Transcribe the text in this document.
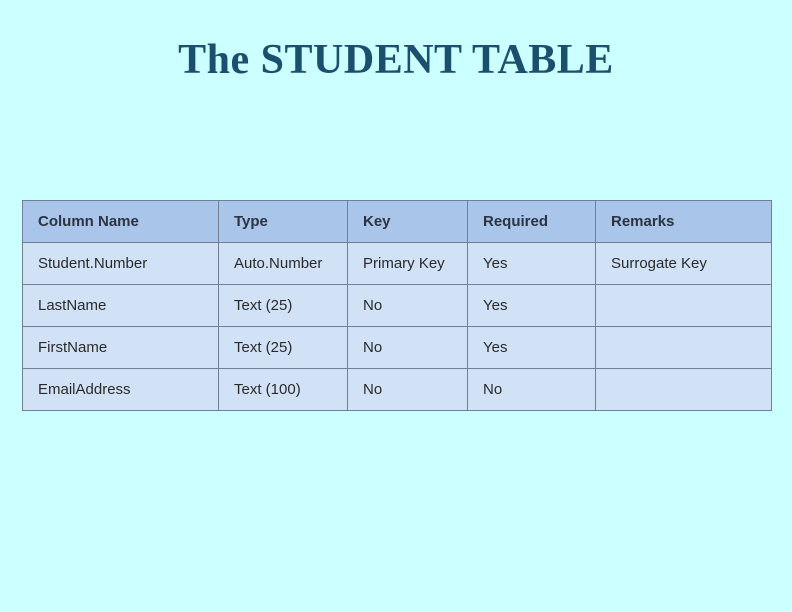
The STUDENT TABLE
Column Name	Type	Key	Required	Remarks
Student.Number	Auto.Number	Primary Key	Yes	Surrogate Key
LastName	Text (25)	No	Yes	
FirstName	Text (25)	No	Yes	
EmailAddress	Text (100)	No	No	
